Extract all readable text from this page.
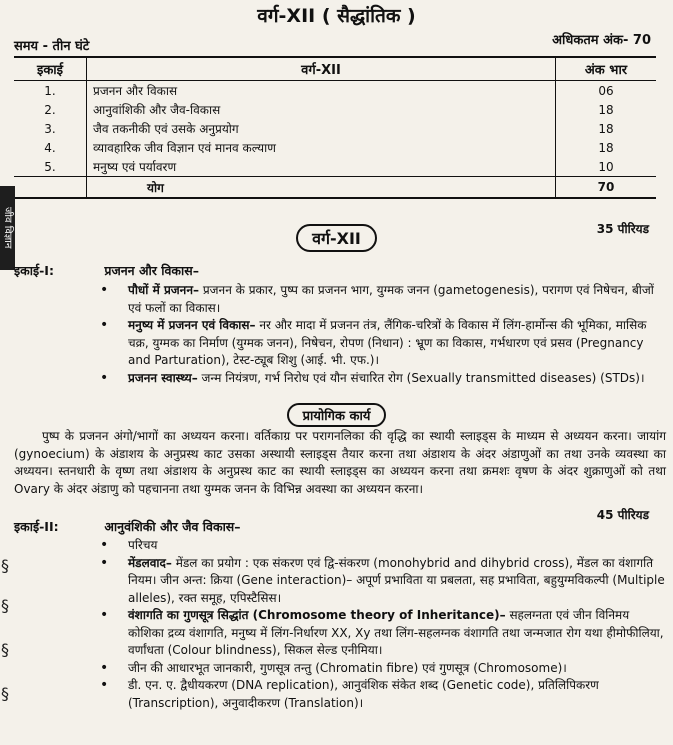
वर्ग-XII ( सैद्धांतिक )
समय - तीन घंटे	अधिकतम अंक- 70
इकाई	वर्ग-XII	अंक भार
1.	प्रजनन और विकास	06
2.	आनुवांशिकी और जैव-विकास	18
3.	जैव तकनीकी एवं उसके अनुप्रयोग	18
4.	व्यावहारिक जीव विज्ञान एवं मानव कल्याण	18
5.	मनुष्य एवं पर्यावरण	10
	योग	70
जीव विज्ञान	35 पीरियड
वर्ग-XII
इकाई-I:	प्रजनन और विकास–
• पौधों में प्रजनन– प्रजनन के प्रकार, पुष्प का प्रजनन भाग, युग्मक जनन (gametogenesis), परागण एवं निषेचन, बीजों एवं फलों का विकास।
• मनुष्य में प्रजनन एवं विकास– नर और मादा में प्रजनन तंत्र, लैंगिक-चरित्रों के विकास में लिंग-हार्मोन्स की भूमिका, मासिक चक्र, युग्मक का निर्माण (युग्मक जनन), निषेचन, रोपण (निधान) : भ्रूण का विकास, गर्भधारण एवं प्रसव (Pregnancy and Parturation), टेस्ट-ट्यूब शिशु (आई. भी. एफ.)।
• प्रजनन स्वास्थ्य– जन्म नियंत्रण, गर्भ निरोध एवं यौन संचारित रोग (Sexually transmitted diseases) (STDs)।
प्रायोगिक कार्य
पुष्प के प्रजनन अंगो/भागों का अध्ययन करना। वर्तिकाग्र पर परागनलिका की वृद्धि का स्थायी स्लाइड्स के माध्यम से अध्ययन करना। जायांग (gynoecium) के अंडाशय के अनुप्रस्थ काट उसका अस्थायी स्लाइड्स तैयार करना तथा अंडाशय के अंदर अंडाणुओं का तथा उनके व्यवस्था का अध्ययन। स्तनधारी के वृष्ण तथा अंडाशय के अनुप्रस्थ काट का स्थायी स्लाइड्स का अध्ययन करना तथा क्रमशः वृषण के अंदर शुक्राणुओं को तथा Ovary के अंदर अंडाणु को पहचानना तथा युग्मक जनन के विभिन्न अवस्था का अध्ययन करना।
45 पीरियड
इकाई-II:	आनुवंशिकी और जैव विकास–
• परिचय
• मेंडलवाद– मेंडल का प्रयोग : एक संकरण एवं द्वि-संकरण (monohybrid and dihybrid cross), मेंडल का वंशागति नियम। जीन अन्त: क्रिया (Gene interaction)– अपूर्ण प्रभाविता या प्रबलता, सह प्रभाविता, बहुयुग्मविकल्पी (Multiple alleles), रक्त समूह, एपिस्टैसिस।
• वंशागति का गुणसूत्र सिद्धांत (Chromosome theory of Inheritance)– सहलग्नता एवं जीन विनिमय कोशिका द्रव्य वंशागति, मनुष्य में लिंग-निर्धारण XX, Xy तथा लिंग-सहलग्नक वंशागति तथा जन्मजात रोग यथा हीमोफीलिया, वर्णांधता (Colour blindness), सिकल सेल्ड एनीमिया।
• जीन की आधारभूत जानकारी, गुणसूत्र तन्तु (Chromatin fibre) एवं गुणसूत्र (Chromosome)।
• डी. एन. ए. द्वैधीयकरण (DNA replication), आनुवंशिक संकेत शब्द (Genetic code), प्रतिलिपिकरण (Transcription), अनुवादीकरण (Translation)।
§
§
§
§
